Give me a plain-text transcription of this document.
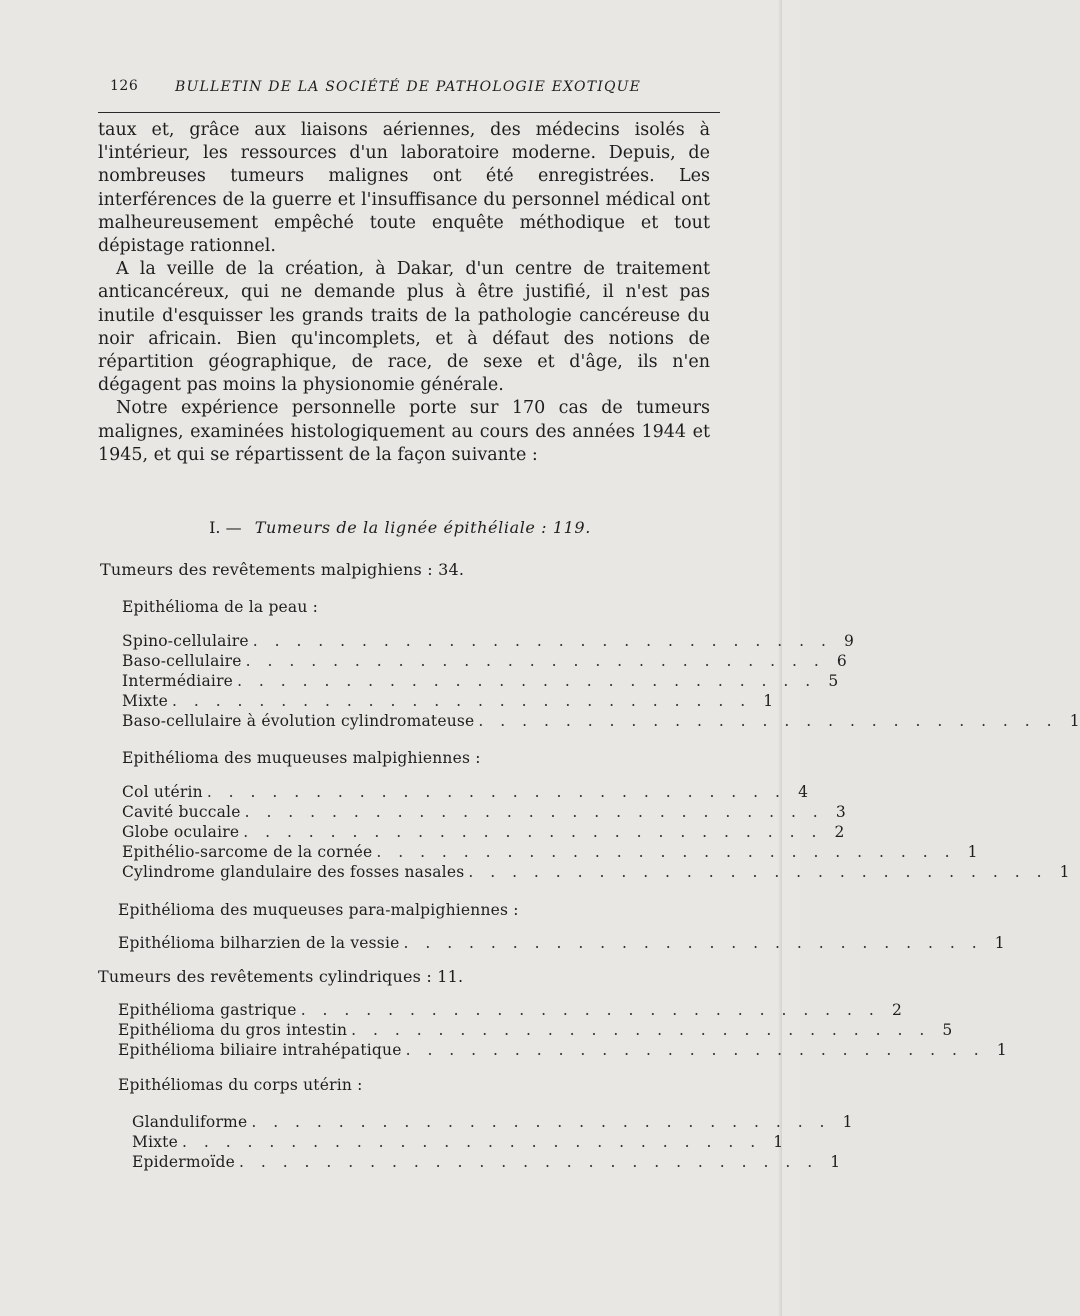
126	BULLETIN DE LA SOCIÉTÉ DE PATHOLOGIE EXOTIQUE

taux et, grâce aux liaisons aériennes, des médecins isolés à l'intérieur, les ressources d'un laboratoire moderne. Depuis, de nombreuses tumeurs malignes ont été enregistrées. Les interférences de la guerre et l'insuffisance du personnel médical ont malheureusement empêché toute enquête méthodique et tout dépistage rationnel.

A la veille de la création, à Dakar, d'un centre de traitement anticancéreux, qui ne demande plus à être justifié, il n'est pas inutile d'esquisser les grands traits de la pathologie cancéreuse du noir africain. Bien qu'incomplets, et à défaut des notions de répartition géographique, de race, de sexe et d'âge, ils n'en dégagent pas moins la physionomie générale.

Notre expérience personnelle porte sur 170 cas de tumeurs malignes, examinées histologiquement au cours des années 1944 et 1945, et qui se répartissent de la façon suivante :

I. — Tumeurs de la lignée épithéliale : 119.
Tumeurs des revêtements malpighiens : 34.
Epithélioma de la peau :
Spino-cellulaire . . . . . . . . . . . . . . . . . . . . . . . . . . . 9
Baso-cellulaire . . . . . . . . . . . . . . . . . . . . . . . . . . . 6
Intermédiaire . . . . . . . . . . . . . . . . . . . . . . . . . . . 5
Mixte . . . . . . . . . . . . . . . . . . . . . . . . . . . 1
Baso-cellulaire à évolution cylindromateuse . . . . . . . . . . . . . . . . . . . . . . . . . . . 1
Epithélioma des muqueuses malpighiennes :
Col utérin . . . . . . . . . . . . . . . . . . . . . . . . . . . 4
Cavité buccale . . . . . . . . . . . . . . . . . . . . . . . . . . . 3
Globe oculaire . . . . . . . . . . . . . . . . . . . . . . . . . . . 2
Epithélio-sarcome de la cornée . . . . . . . . . . . . . . . . . . . . . . . . . . . 1
Cylindrome glandulaire des fosses nasales . . . . . . . . . . . . . . . . . . . . . . . . . . . 1
Epithélioma des muqueuses para-malpighiennes :
Epithélioma bilharzien de la vessie . . . . . . . . . . . . . . . . . . . . . . . . . . . 1
Tumeurs des revêtements cylindriques : 11.
Epithélioma gastrique . . . . . . . . . . . . . . . . . . . . . . . . . . . 2
Epithélioma du gros intestin . . . . . . . . . . . . . . . . . . . . . . . . . . . 5
Epithélioma biliaire intrahépatique . . . . . . . . . . . . . . . . . . . . . . . . . . . 1
Epithéliomas du corps utérin :
Glanduliforme . . . . . . . . . . . . . . . . . . . . . . . . . . . 1
Mixte . . . . . . . . . . . . . . . . . . . . . . . . . . . 1
Epidermoïde . . . . . . . . . . . . . . . . . . . . . . . . . . . 1
